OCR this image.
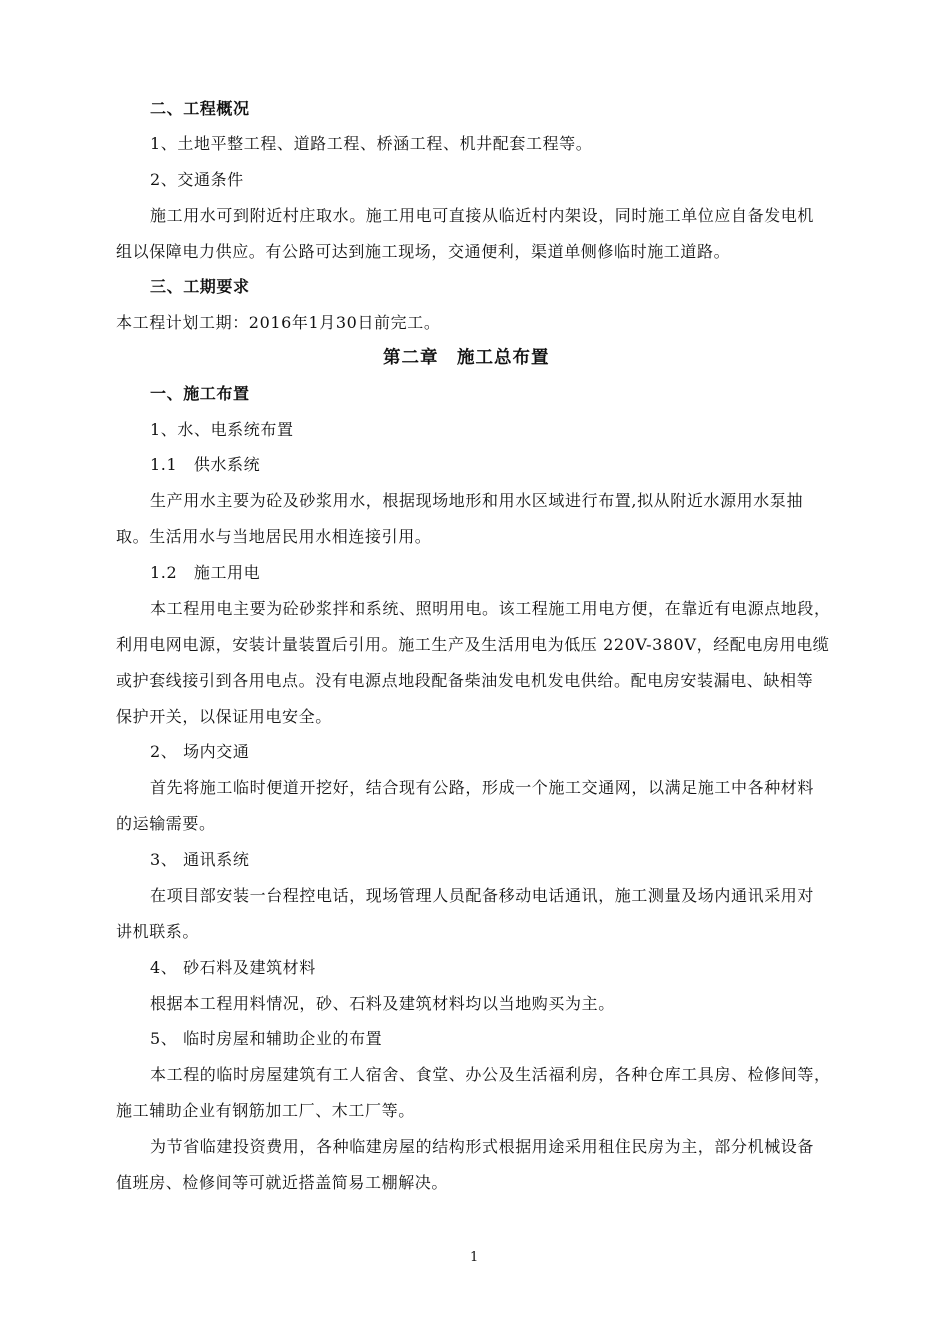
二、工程概况
1、土地平整工程、道路工程、桥涵工程、机井配套工程等。
2、交通条件
施工用水可到附近村庄取水。施工用电可直接从临近村内架设，同时施工单位应自备发电机
组以保障电力供应。有公路可达到施工现场，交通便利，渠道单侧修临时施工道路。
三、工期要求
本工程计划工期：2016年1月30日前完工。
第二章　施工总布置
一、施工布置
1、水、电系统布置
1.1　供水系统
生产用水主要为砼及砂浆用水，根据现场地形和用水区域进行布置,拟从附近水源用水泵抽
取。生活用水与当地居民用水相连接引用。
1.2　施工用电
本工程用电主要为砼砂浆拌和系统、照明用电。该工程施工用电方便，在靠近有电源点地段，
利用电网电源，安装计量装置后引用。施工生产及生活用电为低压 220V-380V，经配电房用电缆
或护套线接引到各用电点。没有电源点地段配备柴油发电机发电供给。配电房安装漏电、缺相等
保护开关，以保证用电安全。
2、 场内交通
首先将施工临时便道开挖好，结合现有公路，形成一个施工交通网，以满足施工中各种材料
的运输需要。
3、 通讯系统
在项目部安装一台程控电话，现场管理人员配备移动电话通讯，施工测量及场内通讯采用对
讲机联系。
4、 砂石料及建筑材料
根据本工程用料情况，砂、石料及建筑材料均以当地购买为主。
5、 临时房屋和辅助企业的布置
本工程的临时房屋建筑有工人宿舍、食堂、办公及生活福利房，各种仓库工具房、检修间等，
施工辅助企业有钢筋加工厂、木工厂等。
为节省临建投资费用，各种临建房屋的结构形式根据用途采用租住民房为主，部分机械设备
值班房、检修间等可就近搭盖简易工棚解决。
1
